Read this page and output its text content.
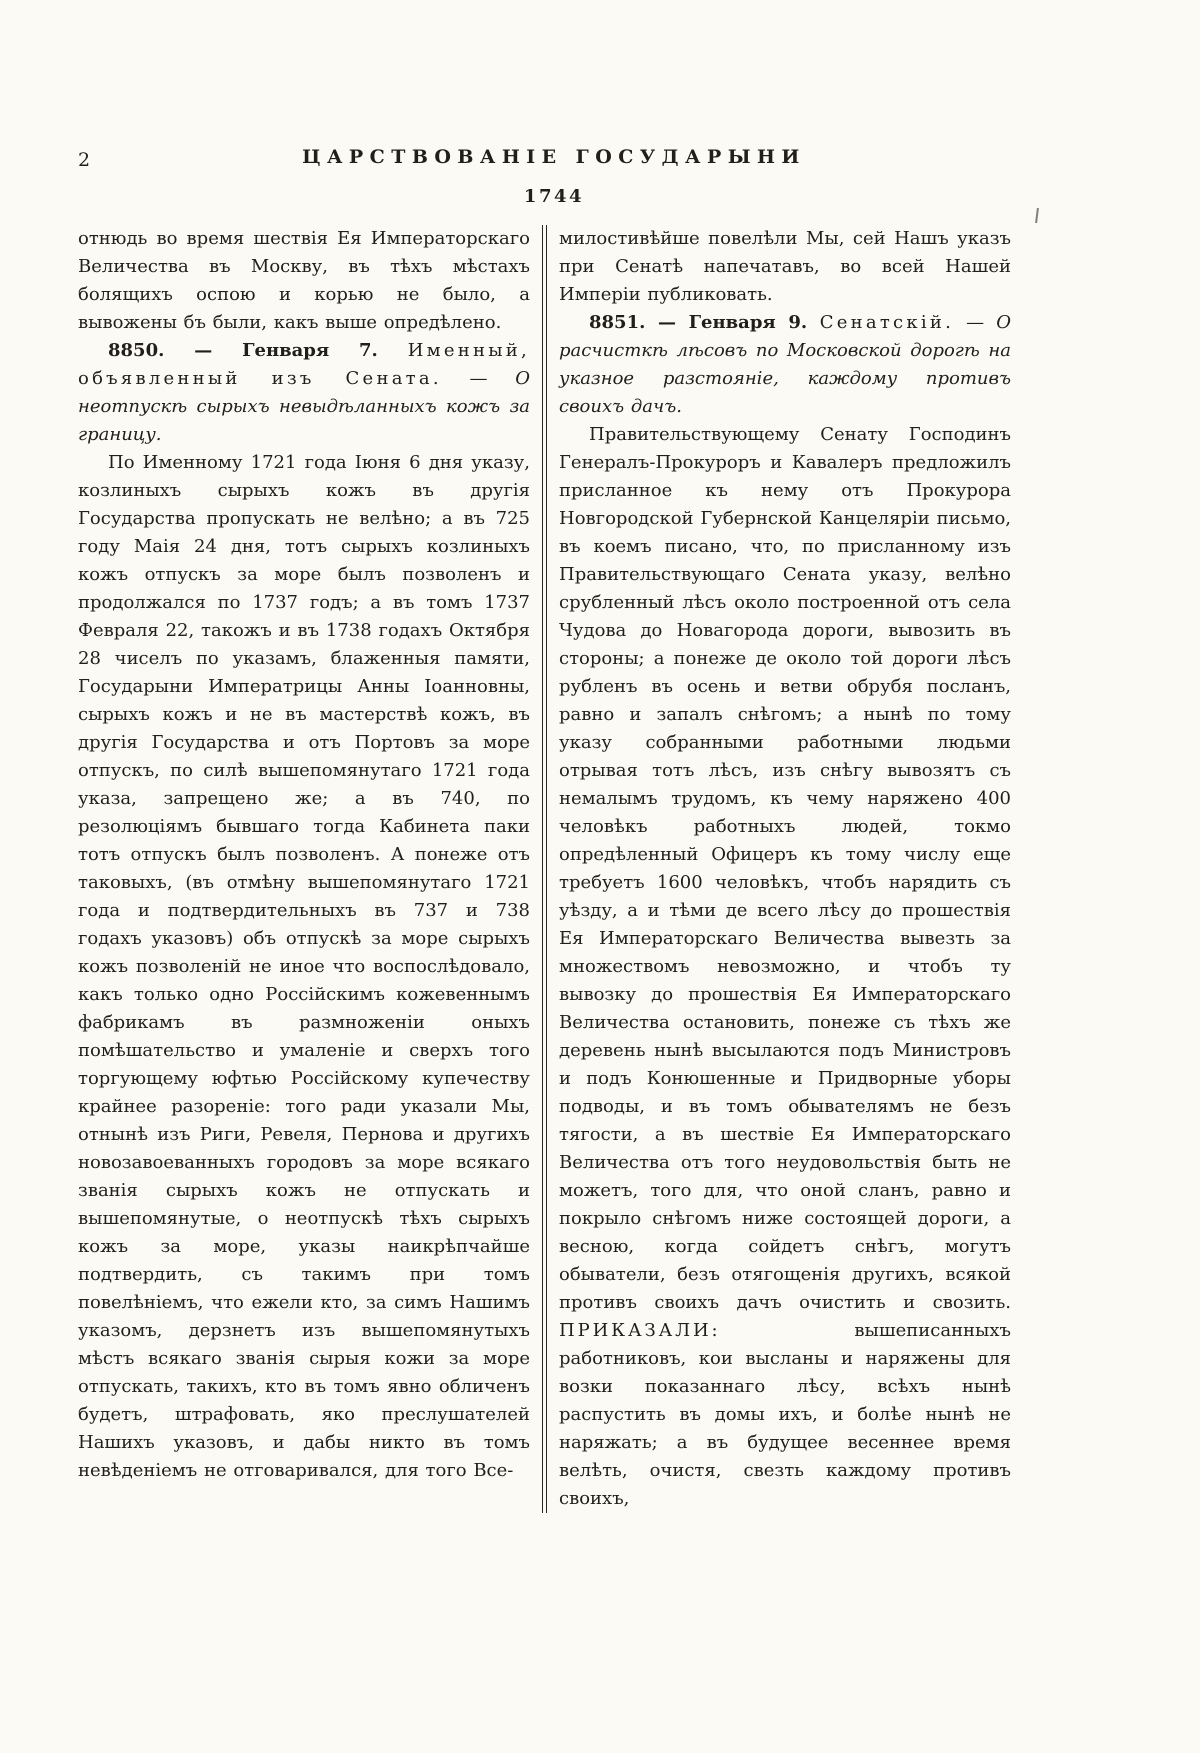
2	ЦАРСТВОВАНІЕ ГОСУДАРЫНИ
1744

отнюдь во время шествія Ея Императорскаго Величества въ Москву, въ тѣхъ мѣстахъ болящихъ оспою и корью не было, а вывожены бъ были, какъ выше опредѣлено.

8850. — Генваря 7. Именный, объявленный изъ Сената. — О неотпускѣ сырыхъ невыдѣланныхъ кожъ за границу.

По Именному 1721 года Іюня 6 дня указу, козлиныхъ сырыхъ кожъ въ другія Государства пропускать не велѣно; а въ 725 году Маія 24 дня, тотъ сырыхъ козлиныхъ кожъ отпускъ за море былъ позволенъ и продолжался по 1737 годъ; а въ томъ 1737 Февраля 22, такожъ и въ 1738 годахъ Октября 28 чиселъ по указамъ, блаженныя памяти, Государыни Императрицы Анны Іоанновны, сырыхъ кожъ и не въ мастерствѣ кожъ, въ другія Государства и отъ Портовъ за море отпускъ, по силѣ вышепомянутаго 1721 года указа, запрещено же; а въ 740, по резолюціямъ бывшаго тогда Кабинета паки тотъ отпускъ былъ позволенъ. А понеже отъ таковыхъ, (въ отмѣну вышепомянутаго 1721 года и подтвердительныхъ въ 737 и 738 годахъ указовъ) объ отпускѣ за море сырыхъ кожъ позволеній не иное что воспослѣдовало, какъ только одно Россійскимъ кожевеннымъ фабрикамъ въ размноженіи оныхъ помѣшательство и умаленіе и сверхъ того торгующему юфтью Россійскому купечеству крайнее разореніе: того ради указали Мы, отнынѣ изъ Риги, Ревеля, Пернова и другихъ новозавоеванныхъ городовъ за море всякаго званія сырыхъ кожъ не отпускать и вышепомянутые, о неотпускѣ тѣхъ сырыхъ кожъ за море, указы наикрѣпчайше подтвердить, съ такимъ при томъ повелѣніемъ, что ежели кто, за симъ Нашимъ указомъ, дерзнетъ изъ вышепомянутыхъ мѣстъ всякаго званія сырыя кожи за море отпускать, такихъ, кто въ томъ явно обличенъ будетъ, штрафовать, яко преслушателей Нашихъ указовъ, и дабы никто въ томъ невѣденіемъ не отговаривался, для того Все-

милостивѣйше повелѣли Мы, сей Нашъ указъ при Сенатѣ напечатавъ, во всей Нашей Имперіи публиковать.

8851. — Генваря 9. Сенатскій. — О расчисткѣ лѣсовъ по Московской дорогѣ на указное разстояніе, каждому противъ своихъ дачъ.

Правительствующему Сенату Господинъ Генералъ-Прокуроръ и Кавалеръ предложилъ присланное къ нему отъ Прокурора Новгородской Губернской Канцеляріи письмо, въ коемъ писано, что, по присланному изъ Правительствующаго Сената указу, велѣно срубленный лѣсъ около построенной отъ села Чудова до Новагорода дороги, вывозить въ стороны; а понеже де около той дороги лѣсъ рубленъ въ осень и ветви обрубя посланъ, равно и запалъ снѣгомъ; а нынѣ по тому указу собранными работными людьми отрывая тотъ лѣсъ, изъ снѣгу вывозятъ съ немалымъ трудомъ, къ чему наряжено 400 человѣкъ работныхъ людей, токмо опредѣленный Офицеръ къ тому числу еще требуетъ 1600 человѣкъ, чтобъ нарядить съ уѣзду, а и тѣми де всего лѣсу до прошествія Ея Императорскаго Величества вывезть за множествомъ невозможно, и чтобъ ту вывозку до прошествія Ея Императорскаго Величества остановить, понеже съ тѣхъ же деревень нынѣ высылаются подъ Министровъ и подъ Конюшенные и Придворные уборы подводы, и въ томъ обывателямъ не безъ тягости, а въ шествіе Ея Императорскаго Величества отъ того неудовольствія быть не можетъ, того для, что оной сланъ, равно и покрыло снѣгомъ ниже состоящей дороги, а весною, когда сойдетъ снѣгъ, могутъ обыватели, безъ отягощенія другихъ, всякой противъ своихъ дачъ очистить и свозить. ПРИКАЗАЛИ: вышеписанныхъ работниковъ, кои высланы и наряжены для возки показаннаго лѣсу, всѣхъ нынѣ распустить въ домы ихъ, и болѣе нынѣ не наряжать; а въ будущее весеннее время велѣть, очистя, свезть каждому противъ своихъ,
